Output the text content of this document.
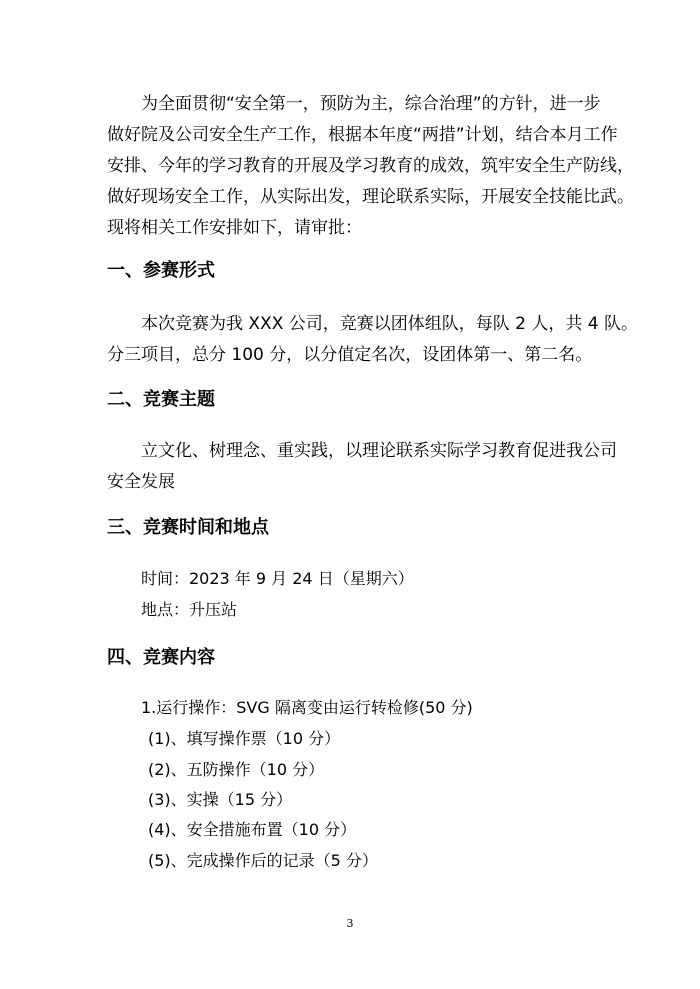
为全面贯彻“安全第一，预防为主，综合治理”的方针，进一步
做好院及公司安全生产工作，根据本年度“两措”计划，结合本月工作
安排、今年的学习教育的开展及学习教育的成效，筑牢安全生产防线，
做好现场安全工作，从实际出发，理论联系实际，开展安全技能比武。
现将相关工作安排如下，请审批：

一、参赛形式

本次竞赛为我 XXX 公司，竞赛以团体组队，每队 2 人，共 4 队。
分三项目，总分 100 分，以分值定名次，设团体第一、第二名。

二、竞赛主题

立文化、树理念、重实践，以理论联系实际学习教育促进我公司
安全发展

三、竞赛时间和地点

时间：2023 年 9 月 24 日（星期六）

地点：升压站

四、竞赛内容

1.运行操作：SVG 隔离变由运行转检修(50 分)

(1)、填写操作票（10 分）

(2)、五防操作（10 分）

(3)、实操（15 分）

(4)、安全措施布置（10 分）

(5)、完成操作后的记录（5 分）

3
